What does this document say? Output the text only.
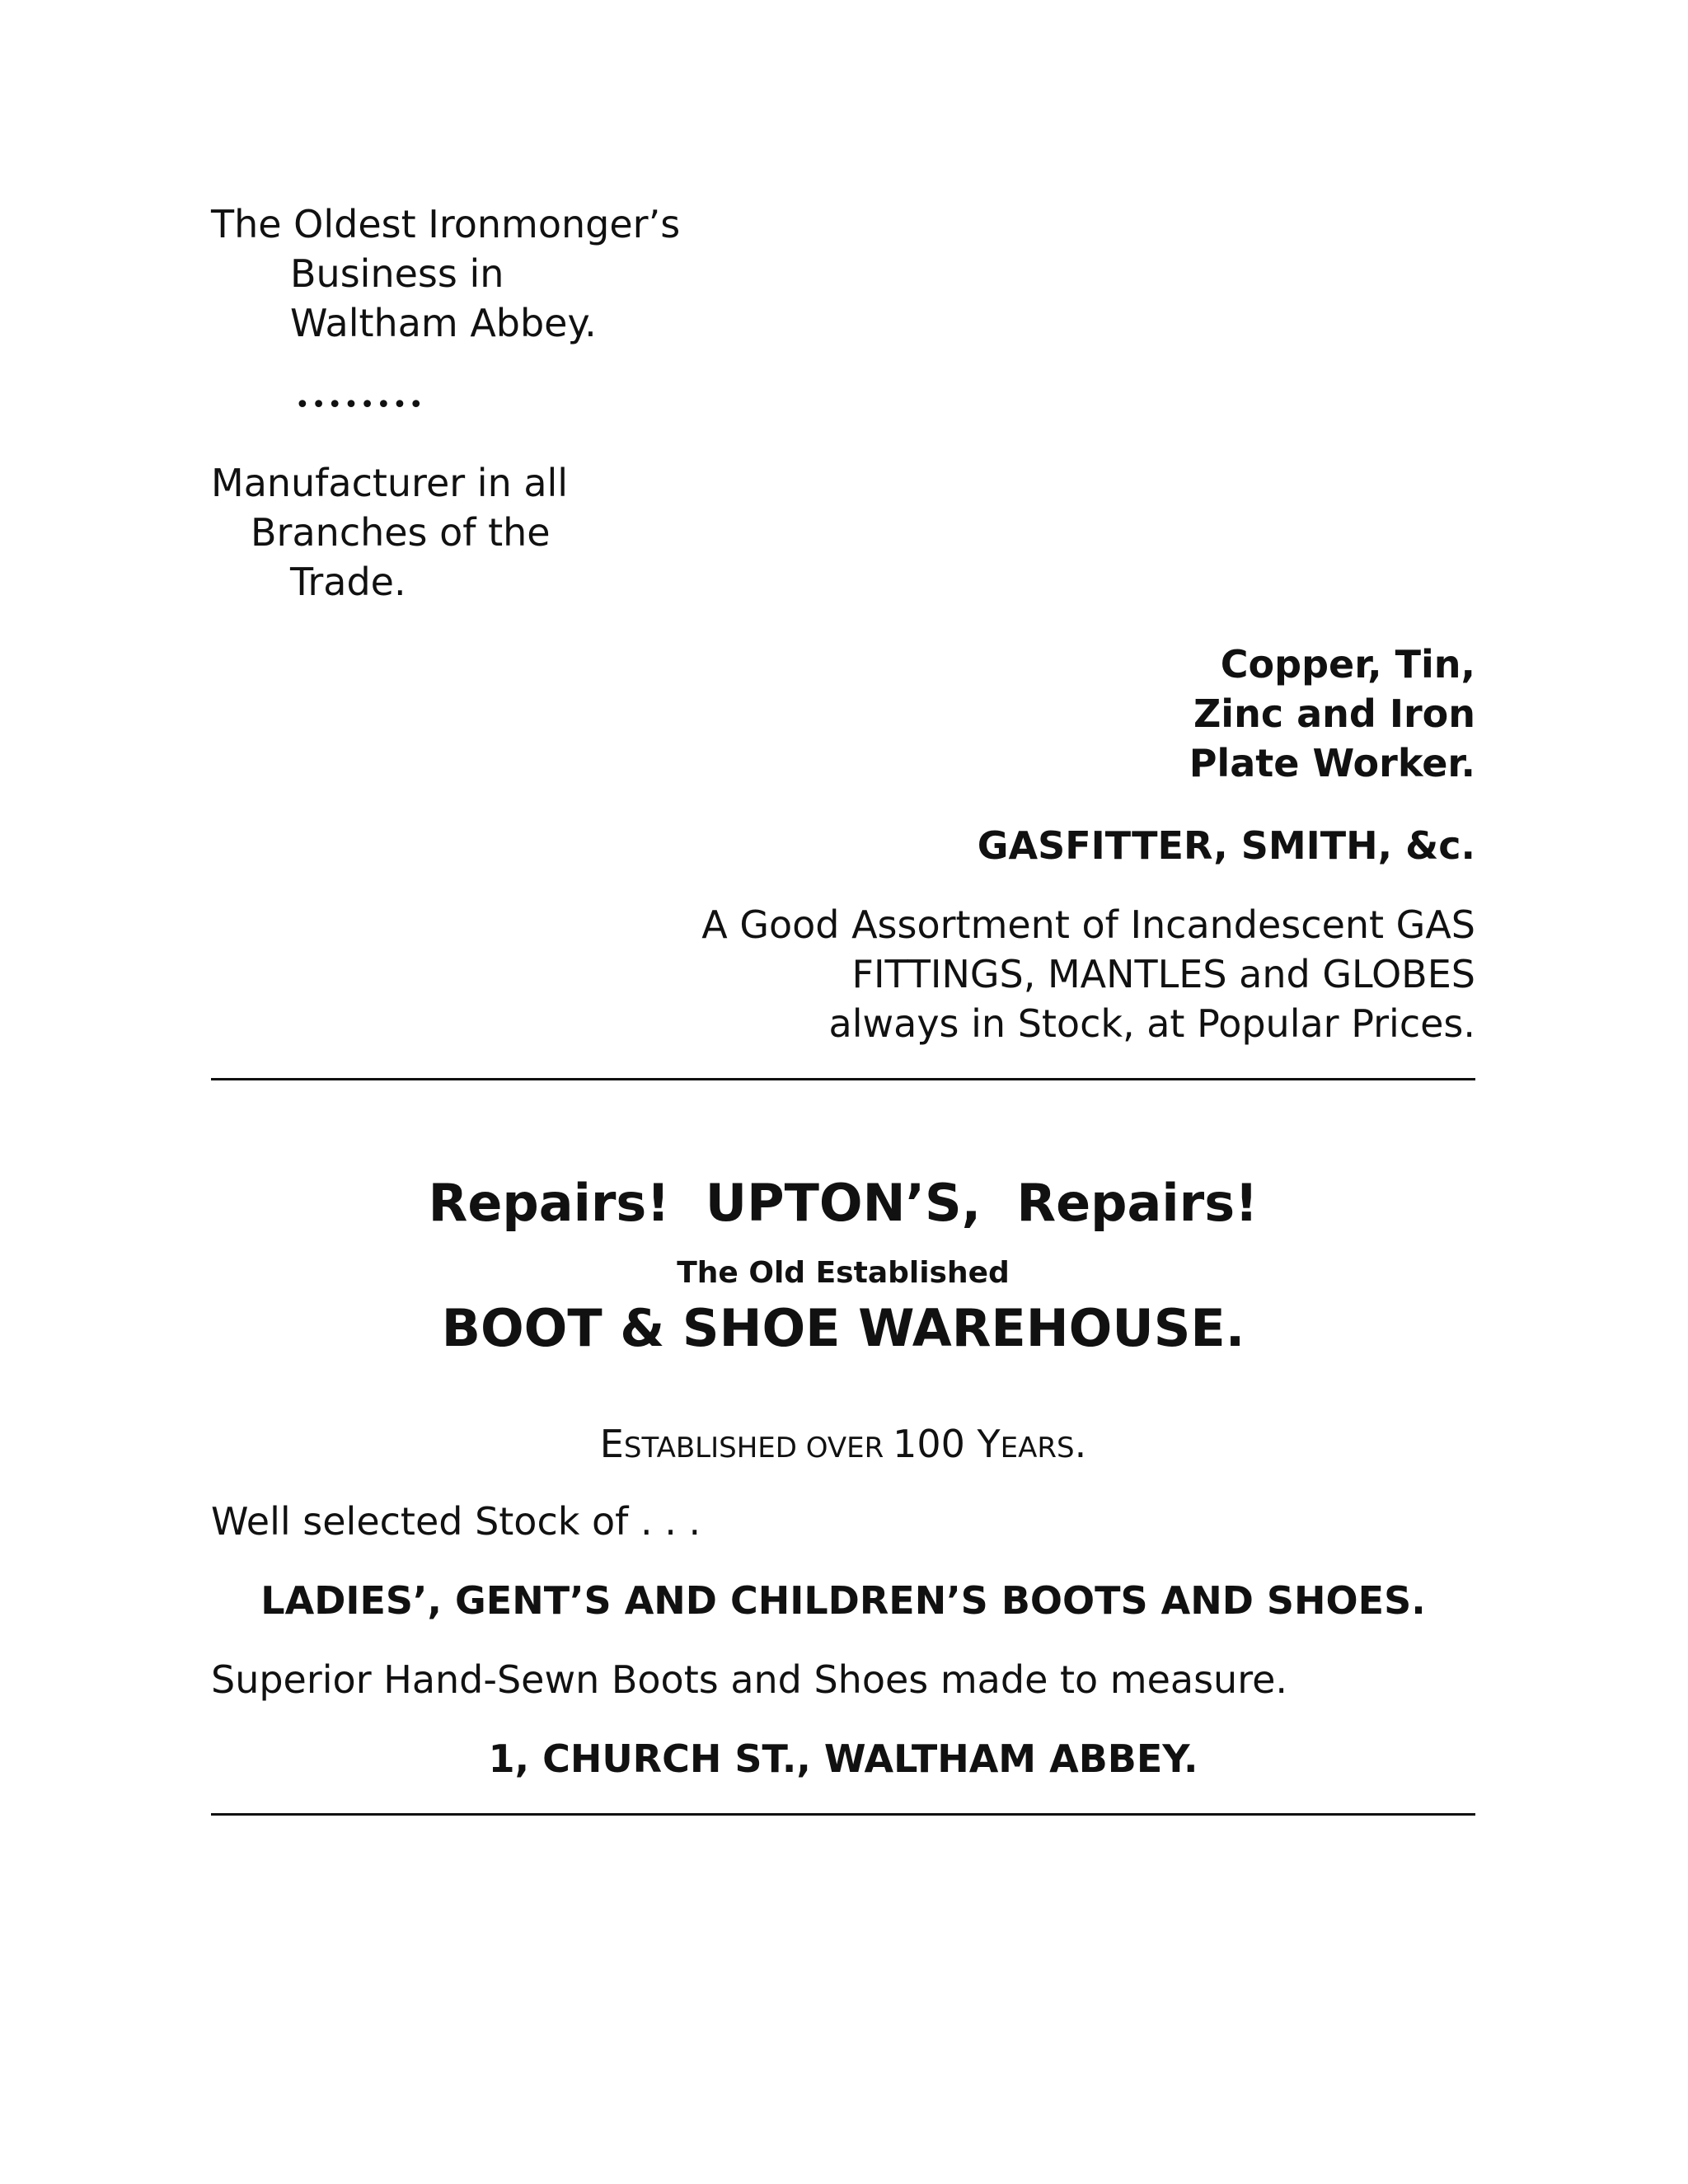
The Oldest Ironmonger’s
Business in
Waltham Abbey.
••••••••
Manufacturer in all
Branches of the
Trade.
Copper, Tin,
Zinc and Iron
Plate Worker.
GASFITTER, SMITH, &c.
A Good Assortment of Incandescent GAS
FITTINGS, MANTLES and GLOBES
always in Stock, at Popular Prices.
Repairs!  UPTON’S,  Repairs!
The Old Established
BOOT & SHOE WAREHOUSE.
ESTABLISHED OVER 100 YEARS.
Well selected Stock of . . .
LADIES’, GENT’S AND CHILDREN’S BOOTS AND SHOES.
Superior Hand-Sewn Boots and Shoes made to measure.
1, CHURCH ST., WALTHAM ABBEY.
